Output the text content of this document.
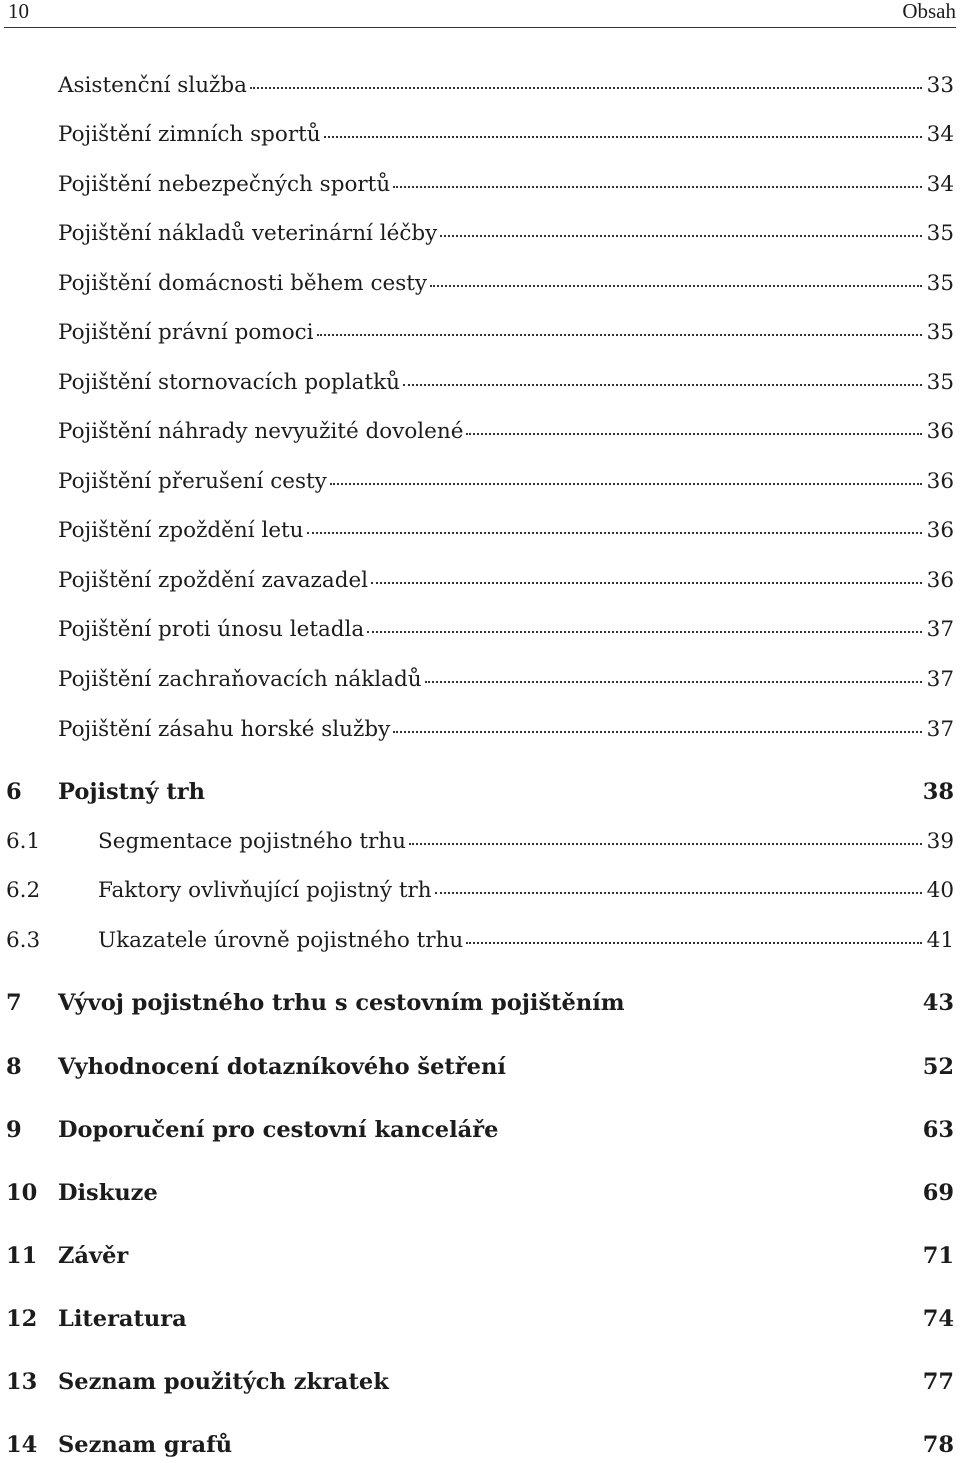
10	Obsah
Asistenční služba	33
Pojištění zimních sportů	34
Pojištění nebezpečných sportů	34
Pojištění nákladů veterinární léčby	35
Pojištění domácnosti během cesty	35
Pojištění právní pomoci	35
Pojištění stornovacích poplatků	35
Pojištění náhrady nevyužité dovolené	36
Pojištění přerušení cesty	36
Pojištění zpoždění letu	36
Pojištění zpoždění zavazadel	36
Pojištění proti únosu letadla	37
Pojištění zachraňovacích nákladů	37
Pojištění zásahu horské služby	37
6 Pojistný trh	38
6.1	Segmentace pojistného trhu	39
6.2	Faktory ovlivňující pojistný trh	40
6.3	Ukazatele úrovně pojistného trhu	41
7 Vývoj pojistného trhu s cestovním pojištěním	43
8 Vyhodnocení dotazníkového šetření	52
9 Doporučení pro cestovní kanceláře	63
10 Diskuze	69
11 Závěr	71
12 Literatura	74
13 Seznam použitých zkratek	77
14 Seznam grafů	78
